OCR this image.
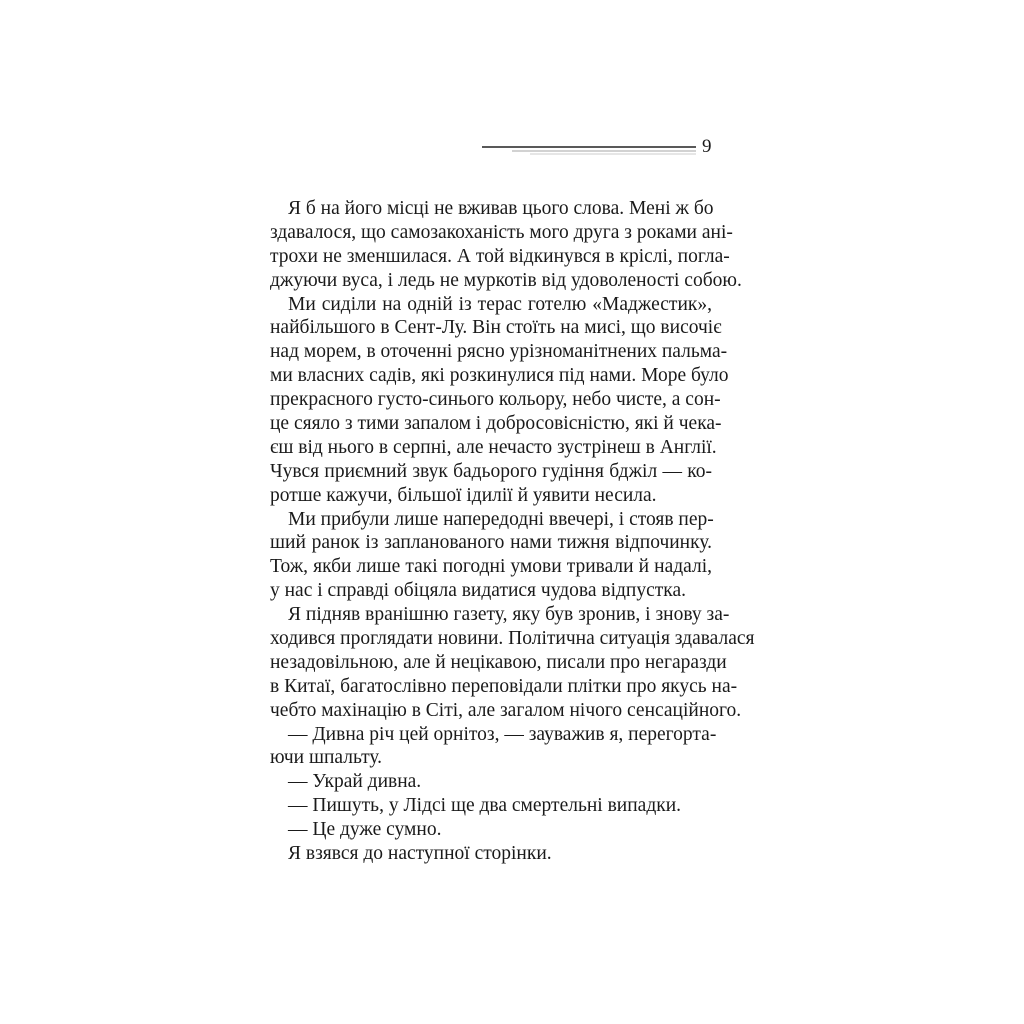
9
Я б на його місці не вживав цього слова. Мені ж бо
здавалося, що самозакоханість мого друга з роками ані-
трохи не зменшилася. А той відкинувся в кріслі, погла-
джуючи вуса, і ледь не муркотів від удоволеності собою.
Ми сиділи на одній із терас готелю «Маджестик»,
найбільшого в Сент-Лу. Він стоїть на мисі, що височіє
над морем, в оточенні рясно урізноманітнених пальма-
ми власних садів, які розкинулися під нами. Море було
прекрасного густо-синього кольору, небо чисте, а сон-
це сяяло з тими запалом і добросовісністю, які й чека-
єш від нього в серпні, але нечасто зустрінеш в Англії.
Чувся приємний звук бадьорого гудіння бджіл — ко-
ротше кажучи, більшої ідилії й уявити несила.
Ми прибули лише напередодні ввечері, і стояв пер-
ший ранок із запланованого нами тижня відпочинку.
Тож, якби лише такі погодні умови тривали й надалі,
у нас і справді обіцяла видатися чудова відпустка.
Я підняв вранішню газету, яку був зронив, і знову за-
ходився проглядати новини. Політична ситуація здавалася
незадовільною, але й нецікавою, писали про негаразди
в Китаї, багатослівно переповідали плітки про якусь на-
чебто махінацію в Сіті, але загалом нічого сенсаційного.
— Дивна річ цей орнітоз, — зауважив я, перегорта-
ючи шпальту.
— Украй дивна.
— Пишуть, у Лідсі ще два смертельні випадки.
— Це дуже сумно.
Я взявся до наступної сторінки.
